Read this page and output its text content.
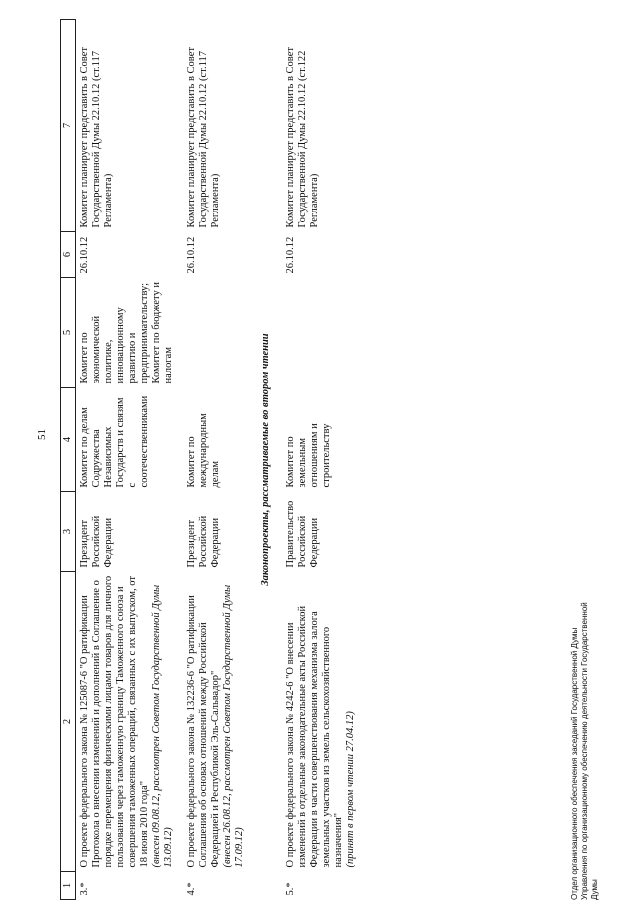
51
1	2	3	4	5	6	7
3.*	О проекте федерального закона № 125087-6 "О ратификации Протокола о внесении изменений и дополнений в Соглашение о порядке перемещения физическими лицами товаров для личного пользования через таможенную границу Таможенного союза и совершения таможенных операций, связанных с их выпуском, от 18 июня 2010 года" (внесен 09.08.12, рассмотрен Советом Государственной Думы 13.09.12)	Президент Российской Федерации	Комитет по делам Содружества Независимых Государств и связям с соотечественниками	Комитет по экономической политике, инновационному развитию и предпринимательству; Комитет по бюджету и налогам	26.10.12	Комитет планирует представить в Совет Государственной Думы 22.10.12 (ст.117 Регламента)
4.*	О проекте федерального закона № 132236-6 "О ратификации Соглашения об основах отношений между Российской Федерацией и Республикой Эль-Сальвадор" (внесен 26.08.12, рассмотрен Советом Государственной Думы 17.09.12)	Президент Российской Федерации	Комитет по международным делам		26.10.12	Комитет планирует представить в Совет Государственной Думы 22.10.12 (ст.117 Регламента)
Законопроекты, рассматриваемые во втором чтении						
5.*	О проекте федерального закона № 4242-6 "О внесении изменений в отдельные законодательные акты Российской Федерации в части совершенствования механизма залога земельных участков из земель сельскохозяйственного назначения" (принят в первом чтении 27.04.12)	Правительство Российской Федерации	Комитет по земельным отношениям и строительству		26.10.12	Комитет планирует представить в Совет Государственной Думы 22.10.12 (ст.122 Регламента)
Отдел организационного обеспечения заседаний Государственной Думы Управления по организационному обеспечению деятельности Государственной Думы
